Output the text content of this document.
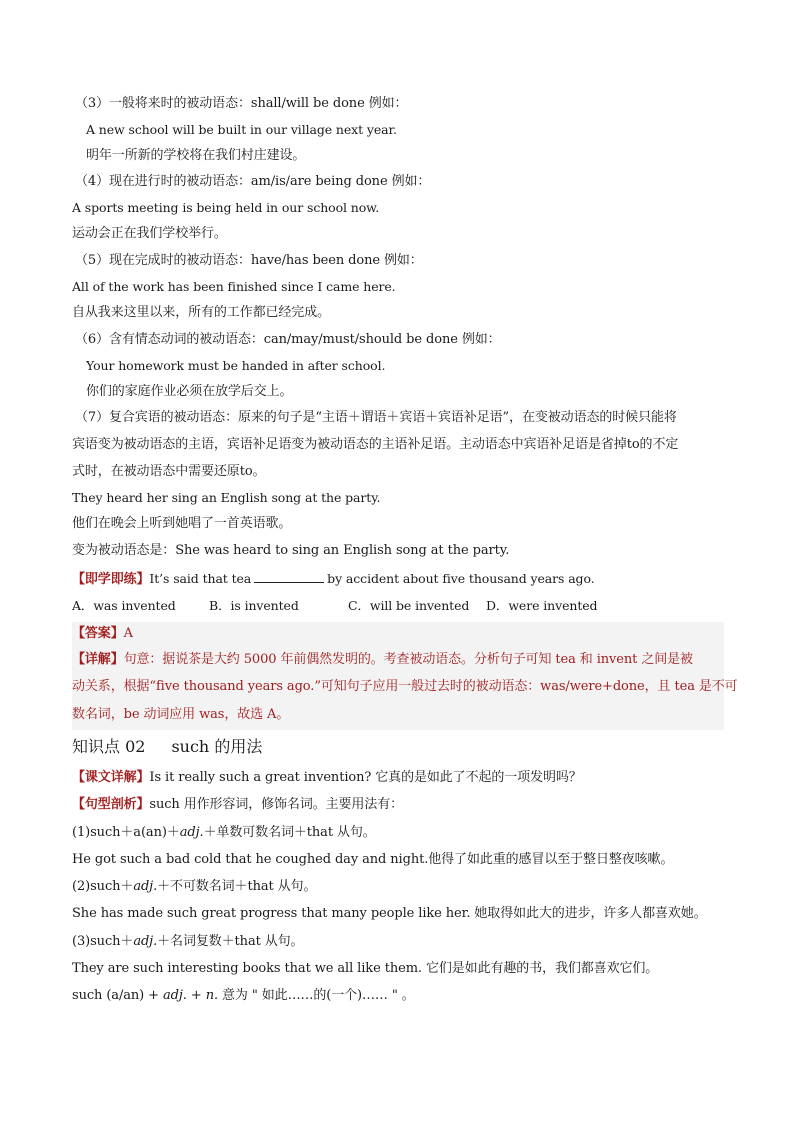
（3）一般将来时的被动语态：shall/will be done 例如：
A new school will be built in our village next year.
明年一所新的学校将在我们村庄建设。
（4）现在进行时的被动语态：am/is/are being done 例如：
A sports meeting is being held in our school now.
运动会正在我们学校举行。
（5）现在完成时的被动语态：have/has been done 例如：
All of the work has been finished since I came here.
自从我来这里以来，所有的工作都已经完成。
（6）含有情态动词的被动语态：can/may/must/should be done 例如：
Your homework must be handed in after school.
你们的家庭作业必须在放学后交上。
（7）复合宾语的被动语态：原来的句子是“主语＋谓语＋宾语＋宾语补足语”，在变被动语态的时候只能将
宾语变为被动语态的主语，宾语补足语变为被动语态的主语补足语。主动语态中宾语补足语是省掉to的不定
式时，在被动语态中需要还原to。
They heard her sing an English song at the party.
他们在晚会上听到她唱了一首英语歌。
变为被动语态是：She was heard to sing an English song at the party.
【即学即练】It’s said that tea	by accident about five thousand years ago.
A．was invented	B．is invented	C．will be invented D．were invented
【答案】A
【详解】句意：据说茶是大约 5000 年前偶然发明的。考查被动语态。分析句子可知 tea 和 invent 之间是被
动关系，根据“five thousand years ago.”可知句子应用一般过去时的被动语态：was/were+done，且 tea 是不可
数名词，be 动词应用 was，故选 A。
知识点 02 such 的用法
【课文详解】Is it really such a great invention? 它真的是如此了不起的一项发明吗？
【句型剖析】such 用作形容词，修饰名词。主要用法有：
(1)such＋a(an)＋adj.＋单数可数名词＋that 从句。
He got such a bad cold that he coughed day and night.他得了如此重的感冒以至于整日整夜咳嗽。
(2)such＋adj.＋不可数名词＋that 从句。
She has made such great progress that many people like her. 她取得如此大的进步，许多人都喜欢她。
(3)such＋adj.＋名词复数＋that 从句。
They are such interesting books that we all like them. 它们是如此有趣的书，我们都喜欢它们。
such (a/an) + adj. + n. 意为 " 如此……的(一个)…… " 。
